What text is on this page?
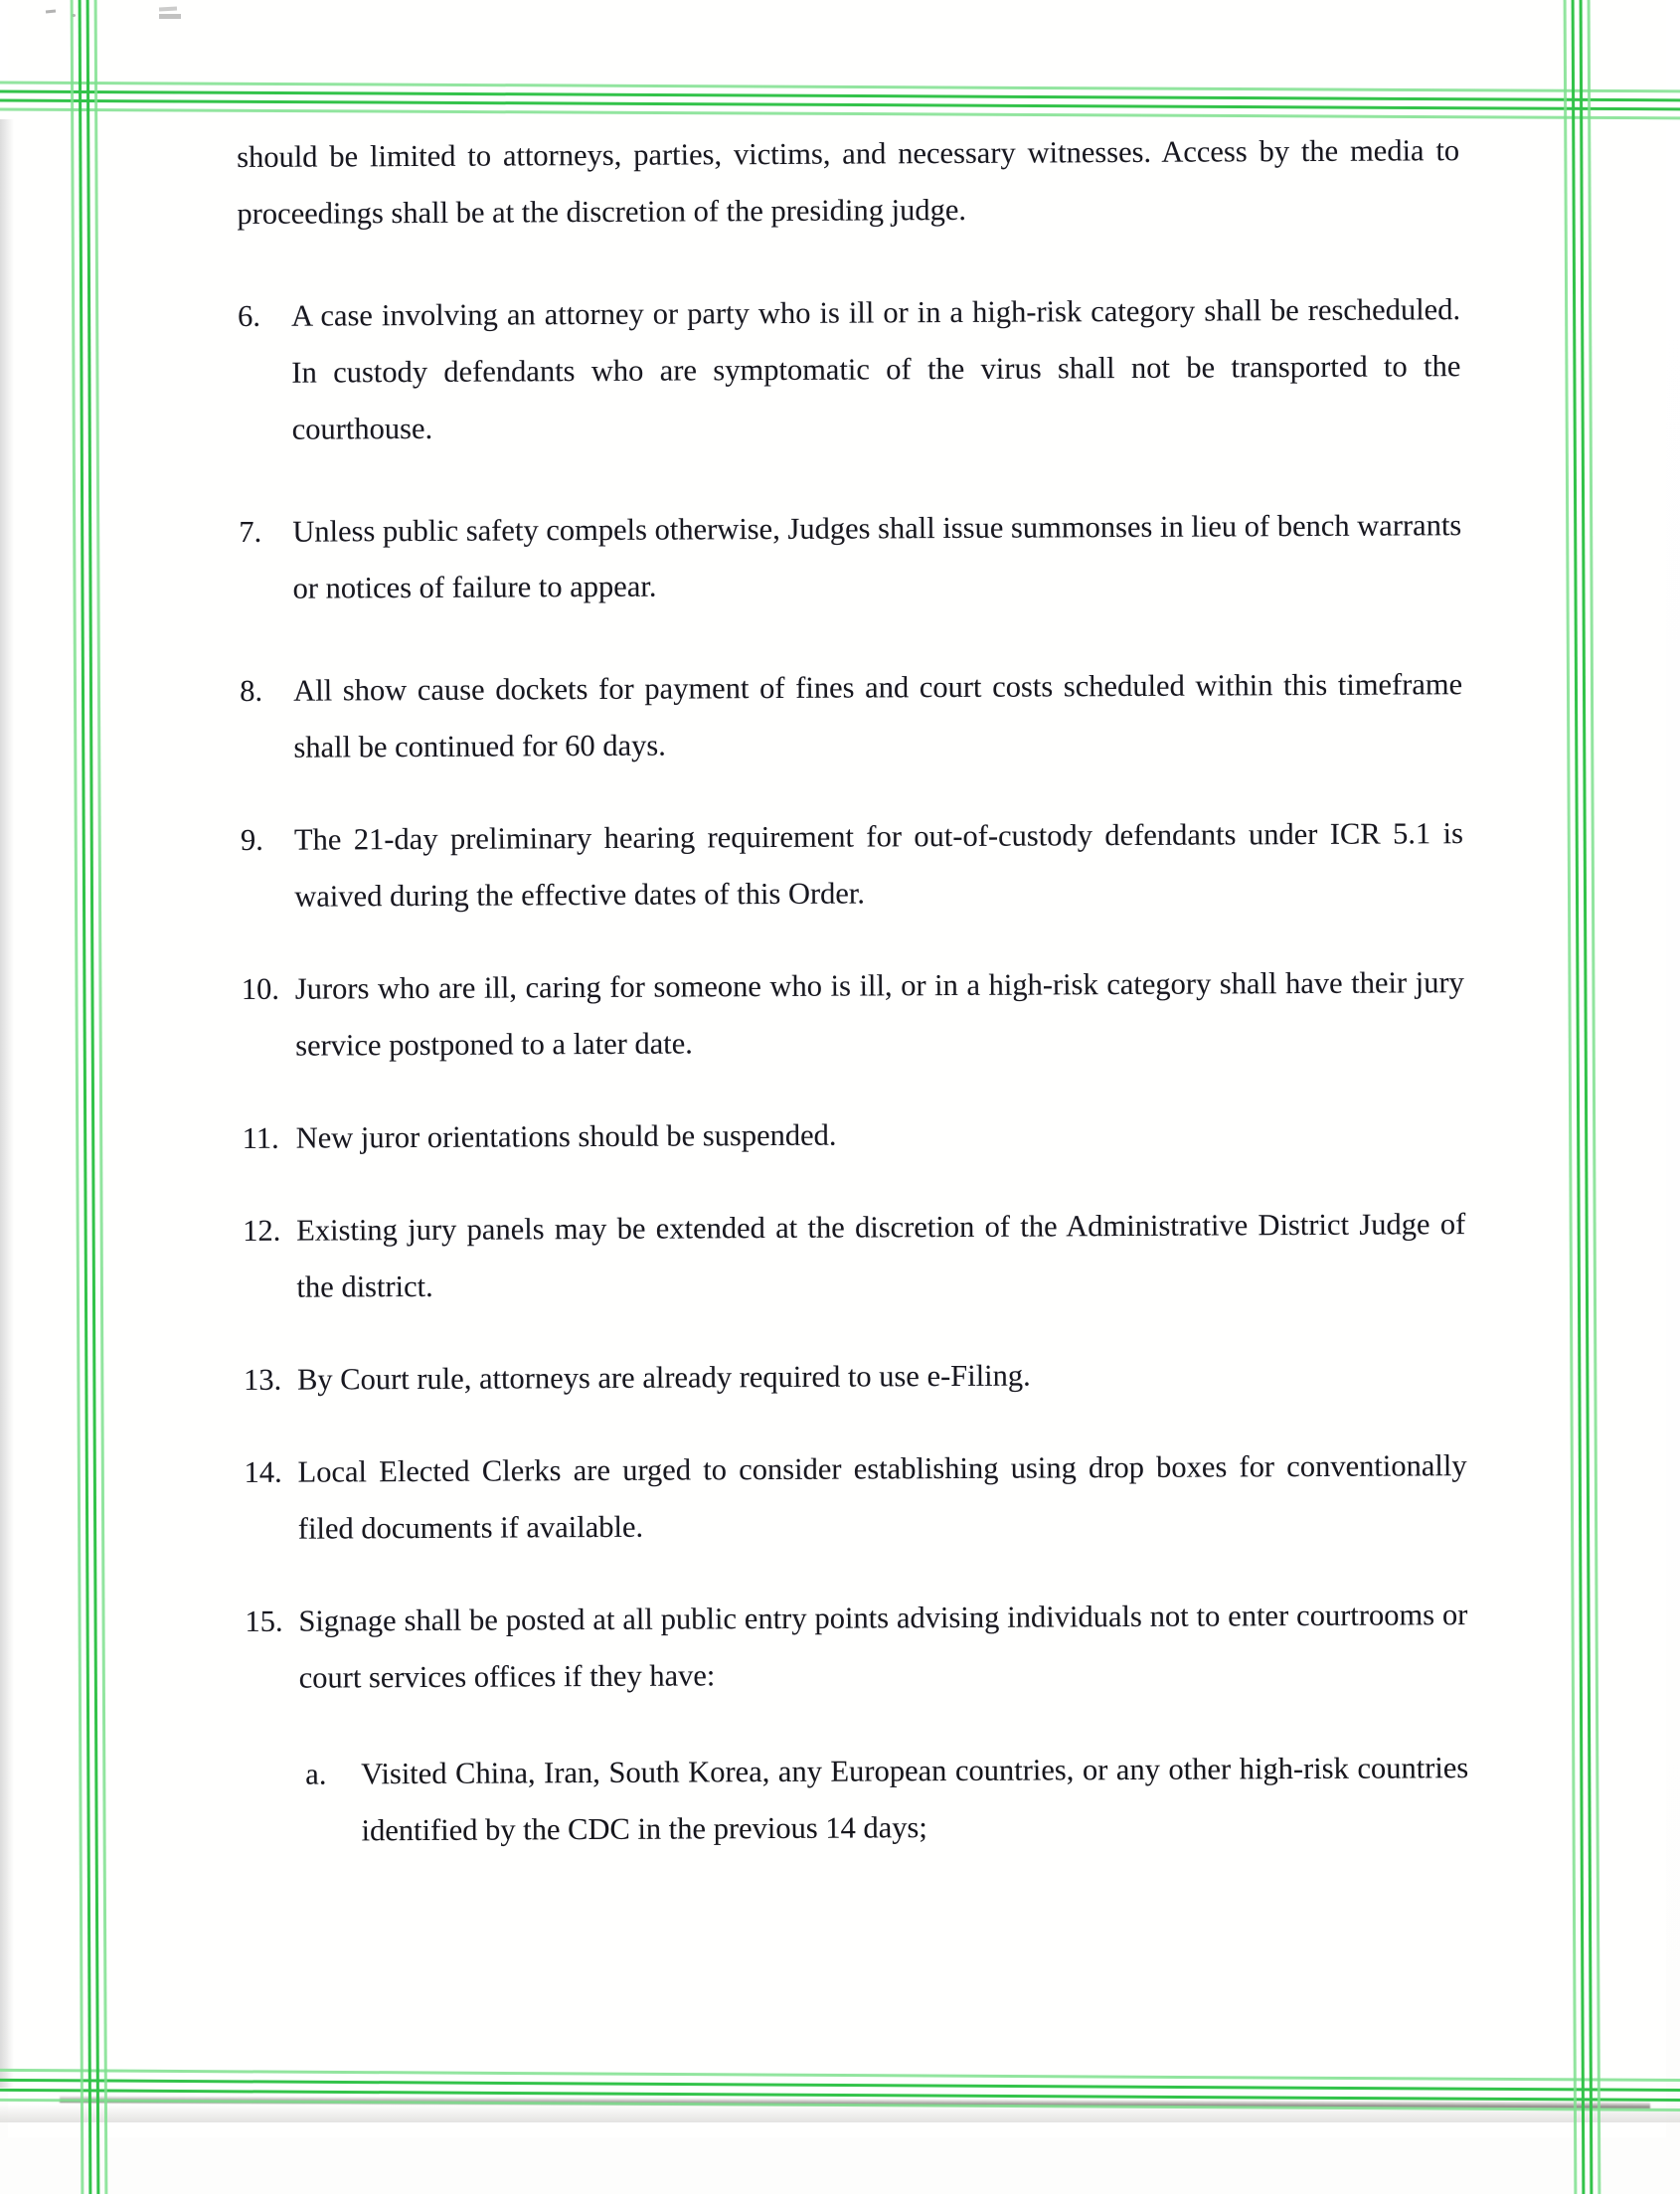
should be limited to attorneys, parties, victims, and necessary witnesses. Access by the media to proceedings shall be at the discretion of the presiding judge.

6.	A case involving an attorney or party who is ill or in a high-risk category shall be rescheduled. In custody defendants who are symptomatic of the virus shall not be transported to the courthouse.
7.	Unless public safety compels otherwise, Judges shall issue summonses in lieu of bench warrants or notices of failure to appear.
8.	All show cause dockets for payment of fines and court costs scheduled within this timeframe shall be continued for 60 days.
9.	The 21-day preliminary hearing requirement for out-of-custody defendants under ICR 5.1 is waived during the effective dates of this Order.
10. Jurors who are ill, caring for someone who is ill, or in a high-risk category shall have their jury service postponed to a later date.
11. New juror orientations should be suspended.
12. Existing jury panels may be extended at the discretion of the Administrative District Judge of the district.
13. By Court rule, attorneys are already required to use e-Filing.
14. Local Elected Clerks are urged to consider establishing using drop boxes for conventionally filed documents if available.
15. Signage shall be posted at all public entry points advising individuals not to enter courtrooms or court services offices if they have:
a.	Visited China, Iran, South Korea, any European countries, or any other high-risk countries identified by the CDC in the previous 14 days;
